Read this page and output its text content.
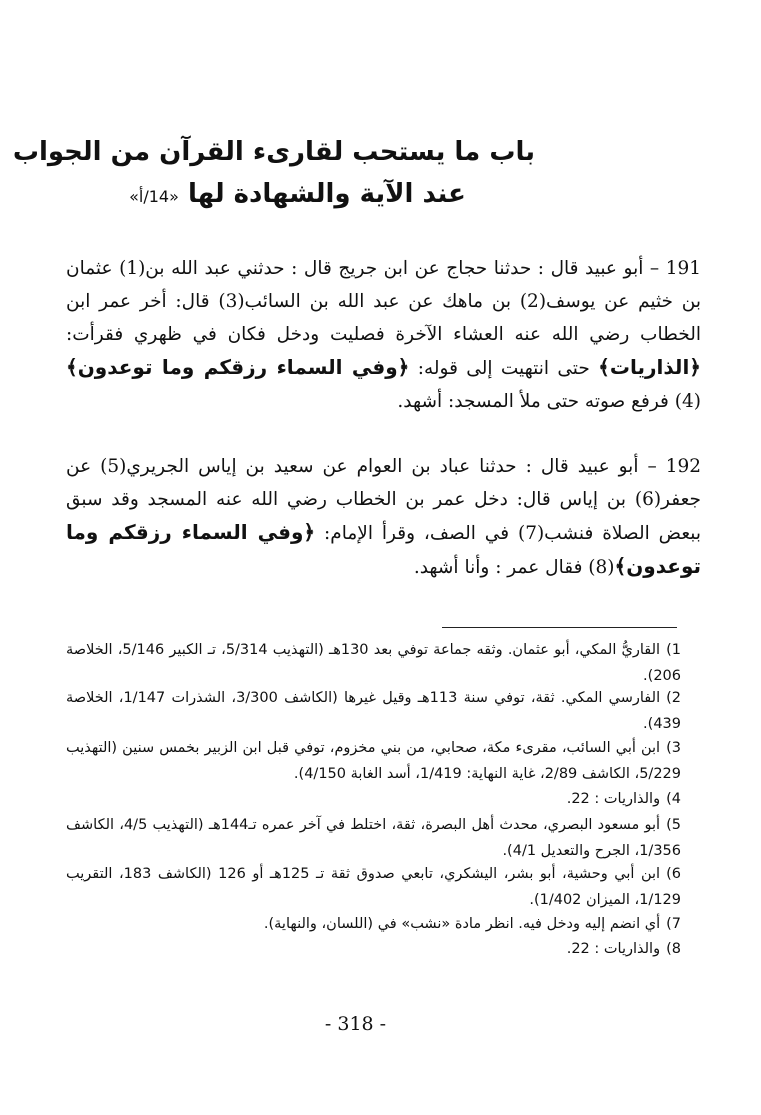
باب ما يستحب لقارىء القرآن من الجواب
عند الآية والشهادة لها «14/أ»
191 – أبو عبيد قال : حدثنا حجاج عن ابن جريج قال : حدثني عبد الله بن(1) عثمان بن خثيم عن يوسف(2) بن ماهك عن عبد الله بن السائب(3) قال: أخر عمر ابن الخطاب رضي الله عنه العشاء الآخرة فصليت ودخل فكان في ظهري فقرأت: ﴿الذاريات﴾ حتى انتهيت إلى قوله: ﴿وفي السماء رزقكم وما توعدون﴾(4) فرفع صوته حتى ملأ المسجد: أشهد.
192 – أبو عبيد قال : حدثنا عباد بن العوام عن سعيد بن إياس الجريري(5) عن جعفر(6) بن إياس قال: دخل عمر بن الخطاب رضي الله عنه المسجد وقد سبق ببعض الصلاة فنشب(7) في الصف، وقرأ الإمام: ﴿وفي السماء رزقكم وما توعدون﴾(8) فقال عمر : وأنا أشهد.
1)القاريُّ المكي، أبو عثمان. وثقه جماعة توفي بعد 130هـ (التهذيب 5/314، تـ الكبير 5/146، الخلاصة 206).
2)الفارسي المكي. ثقة، توفي سنة 113هـ وقيل غيرها (الكاشف 3/300، الشذرات 1/147، الخلاصة 439).
3)ابن أبي السائب، مقرىء مكة، صحابي، من بني مخزوم، توفي قبل ابن الزبير بخمس سنين (التهذيب 5/229، الكاشف 2/89، غاية النهاية: 1/419، أسد الغابة 4/150).
4)والذاريات : 22.
5)أبو مسعود البصري، محدث أهل البصرة، ثقة، اختلط في آخر عمره تـ144هـ (التهذيب 4/5، الكاشف 1/356، الجرح والتعديل 4/1).
6)ابن أبي وحشية، أبو بشر، اليشكري، تابعي صدوق ثقة تـ 125هـ أو 126 (الكاشف 183، التقريب 1/129، الميزان 1/402).
7)أي انضم إليه ودخل فيه. انظر مادة «نشب» في (اللسان، والنهاية).
8)والذاريات : 22.
- 318 -
